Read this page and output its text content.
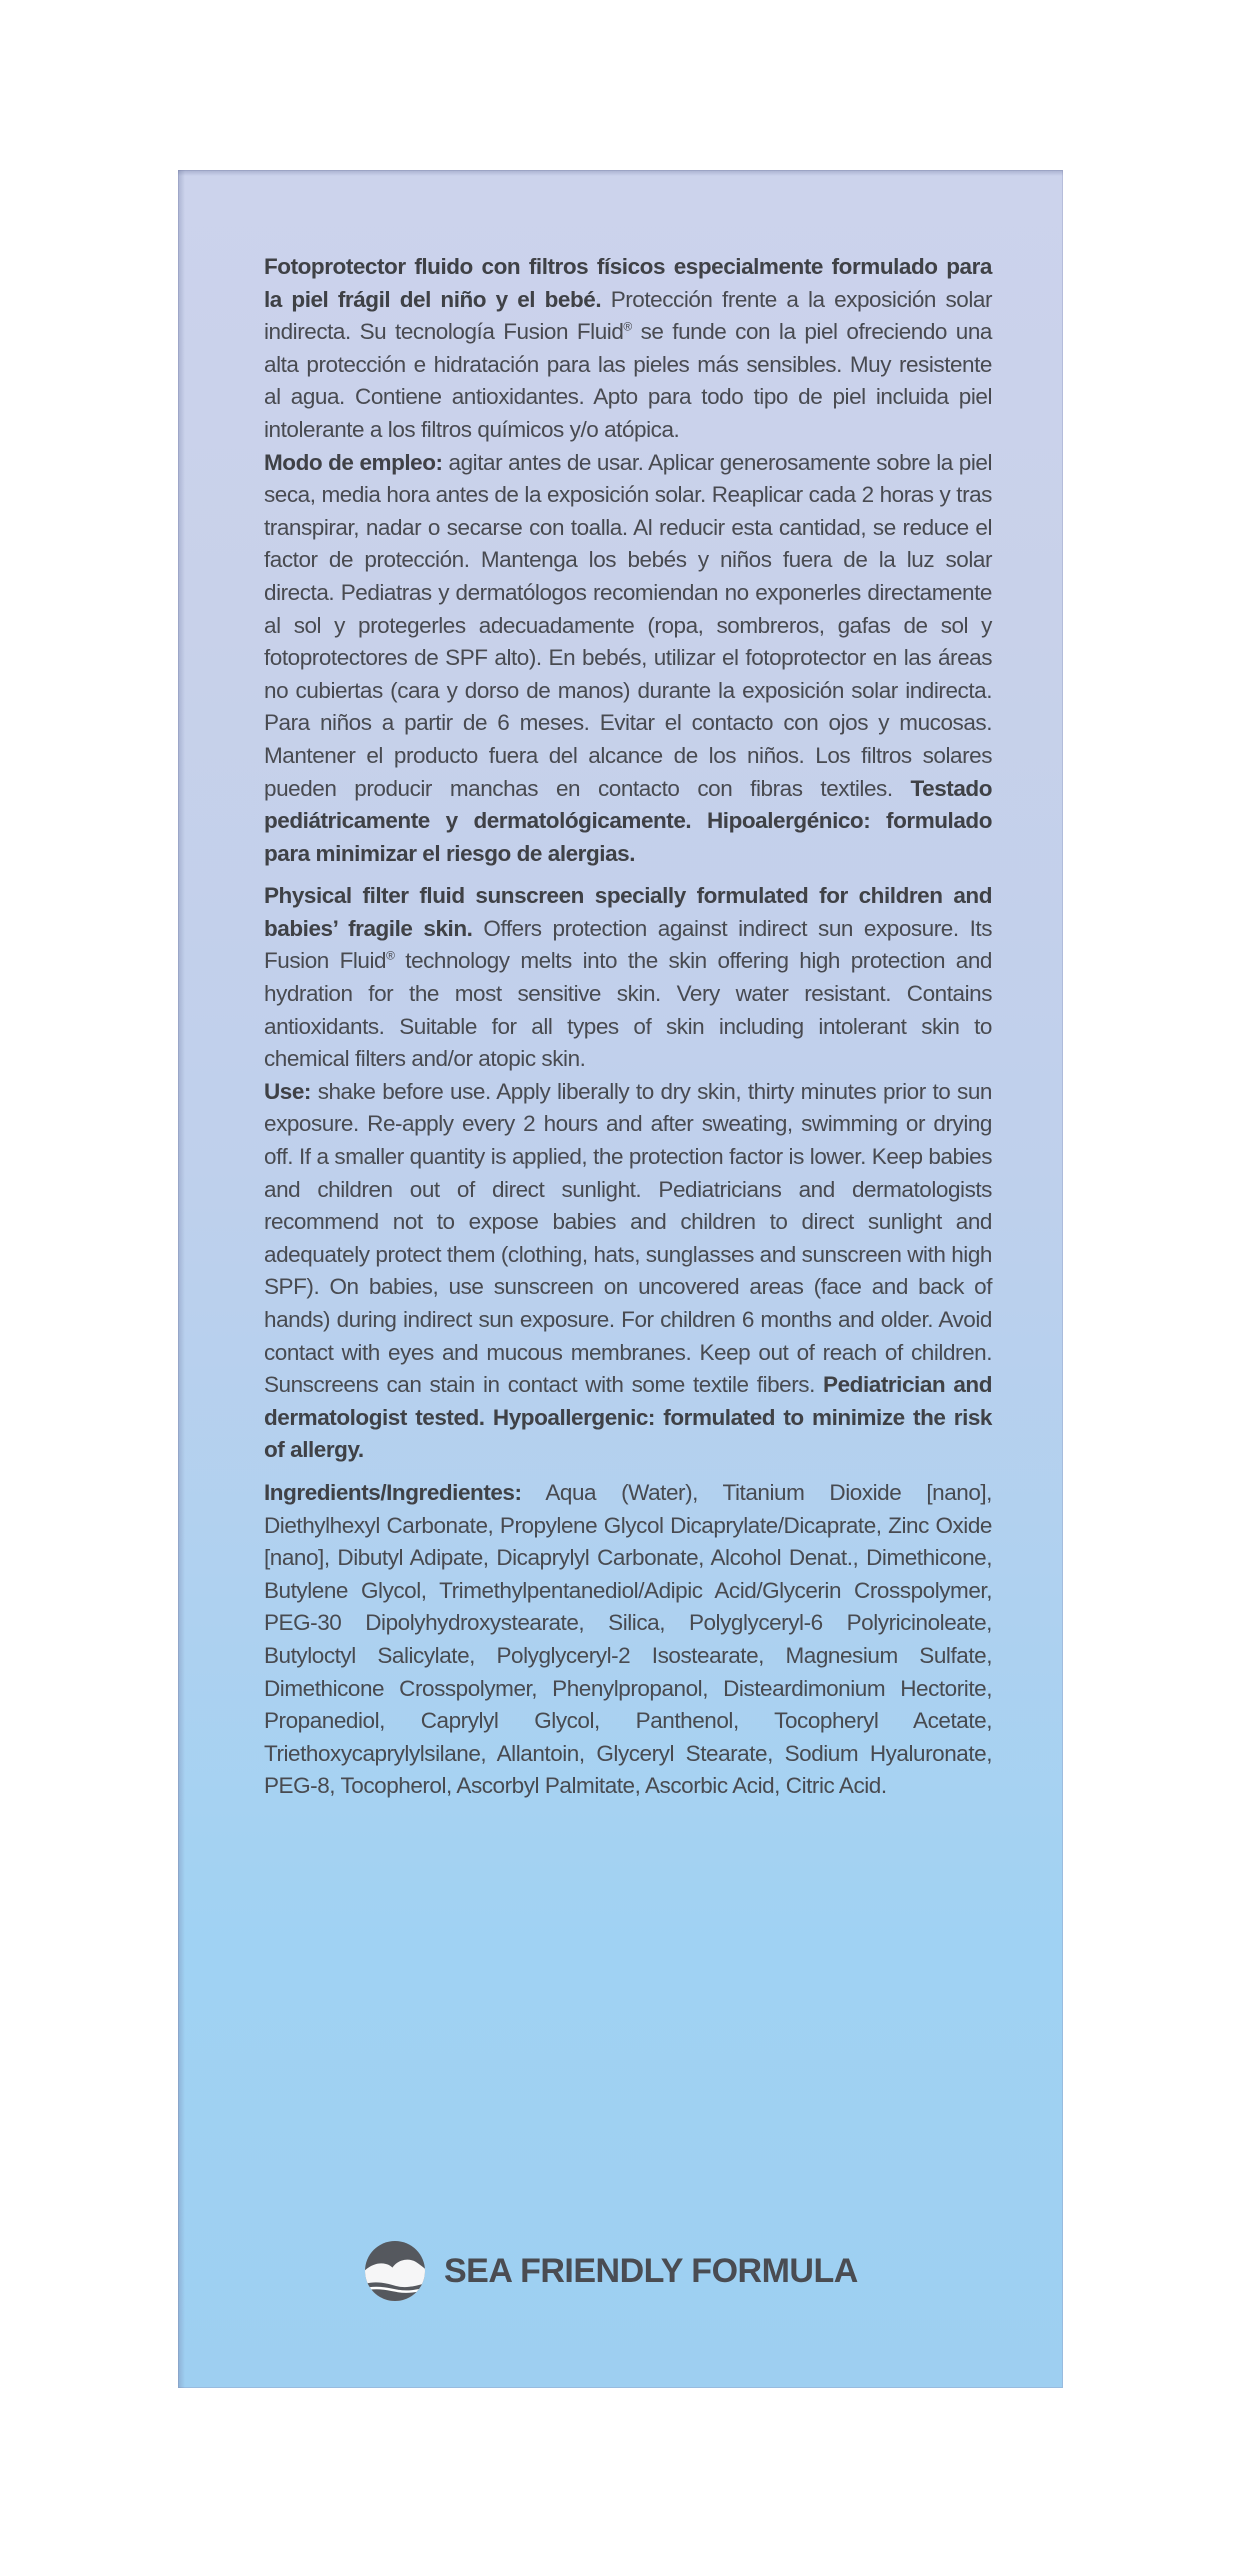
Fotoprotector fluido con filtros físicos especialmente formulado para la piel frágil del niño y el bebé. Protección frente a la exposición solar indirecta. Su tecnología Fusion Fluid® se funde con la piel ofreciendo una alta protección e hidratación para las pieles más sensibles. Muy resistente al agua. Contiene antioxidantes. Apto para todo tipo de piel incluida piel intolerante a los filtros químicos y/o atópica.

Modo de empleo: agitar antes de usar. Aplicar generosamente sobre la piel seca, media hora antes de la exposición solar. Reaplicar cada 2 horas y tras transpirar, nadar o secarse con toalla. Al reducir esta cantidad, se reduce el factor de protección. Mantenga los bebés y niños fuera de la luz solar directa. Pediatras y dermatólogos recomiendan no exponerles directamente al sol y protegerles adecuadamente (ropa, sombreros, gafas de sol y fotoprotectores de SPF alto). En bebés, utilizar el fotoprotector en las áreas no cubiertas (cara y dorso de manos) durante la exposición solar indirecta. Para niños a partir de 6 meses. Evitar el contacto con ojos y mucosas. Mantener el producto fuera del alcance de los niños. Los filtros solares pueden producir manchas en contacto con fibras textiles. Testado pediátricamente y dermatológicamente. Hipoalergénico: formulado para minimizar el riesgo de alergias.

Physical filter fluid sunscreen specially formulated for children and babies’ fragile skin. Offers protection against indirect sun exposure. Its Fusion Fluid® technology melts into the skin offering high protection and hydration for the most sensitive skin. Very water resistant. Contains antioxidants. Suitable for all types of skin including intolerant skin to chemical filters and/or atopic skin.

Use: shake before use. Apply liberally to dry skin, thirty minutes prior to sun exposure. Re-apply every 2 hours and after sweating, swimming or drying off. If a smaller quantity is applied, the protection factor is lower. Keep babies and children out of direct sunlight. Pediatricians and dermatologists recommend not to expose babies and children to direct sunlight and adequately protect them (clothing, hats, sunglasses and sunscreen with high SPF). On babies, use sunscreen on uncovered areas (face and back of hands) during indirect sun exposure. For children 6 months and older. Avoid contact with eyes and mucous membranes. Keep out of reach of children. Sunscreens can stain in contact with some textile fibers. Pediatrician and dermatologist tested. Hypoallergenic: formulated to minimize the risk of allergy.

Ingredients/Ingredientes: Aqua (Water), Titanium Dioxide [nano], Diethylhexyl Carbonate, Propylene Glycol Dicaprylate/Dicaprate, Zinc Oxide [nano], Dibutyl Adipate, Dicaprylyl Carbonate, Alcohol Denat., Dimethicone, Butylene Glycol, Trimethylpentanediol/Adipic Acid/Glycerin Crosspolymer, PEG-30 Dipolyhydroxystearate, Silica, Polyglyceryl-6 Polyricinoleate, Butyloctyl Salicylate, Polyglyceryl-2 Isostearate, Magnesium Sulfate, Dimethicone Crosspolymer, Phenylpropanol, Disteardimonium Hectorite, Propanediol, Caprylyl Glycol, Panthenol, Tocopheryl Acetate, Triethoxycaprylylsilane, Allantoin, Glyceryl Stearate, Sodium Hyaluronate, PEG-8, Tocopherol, Ascorbyl Palmitate, Ascorbic Acid, Citric Acid.

SEA FRIENDLY FORMULA
